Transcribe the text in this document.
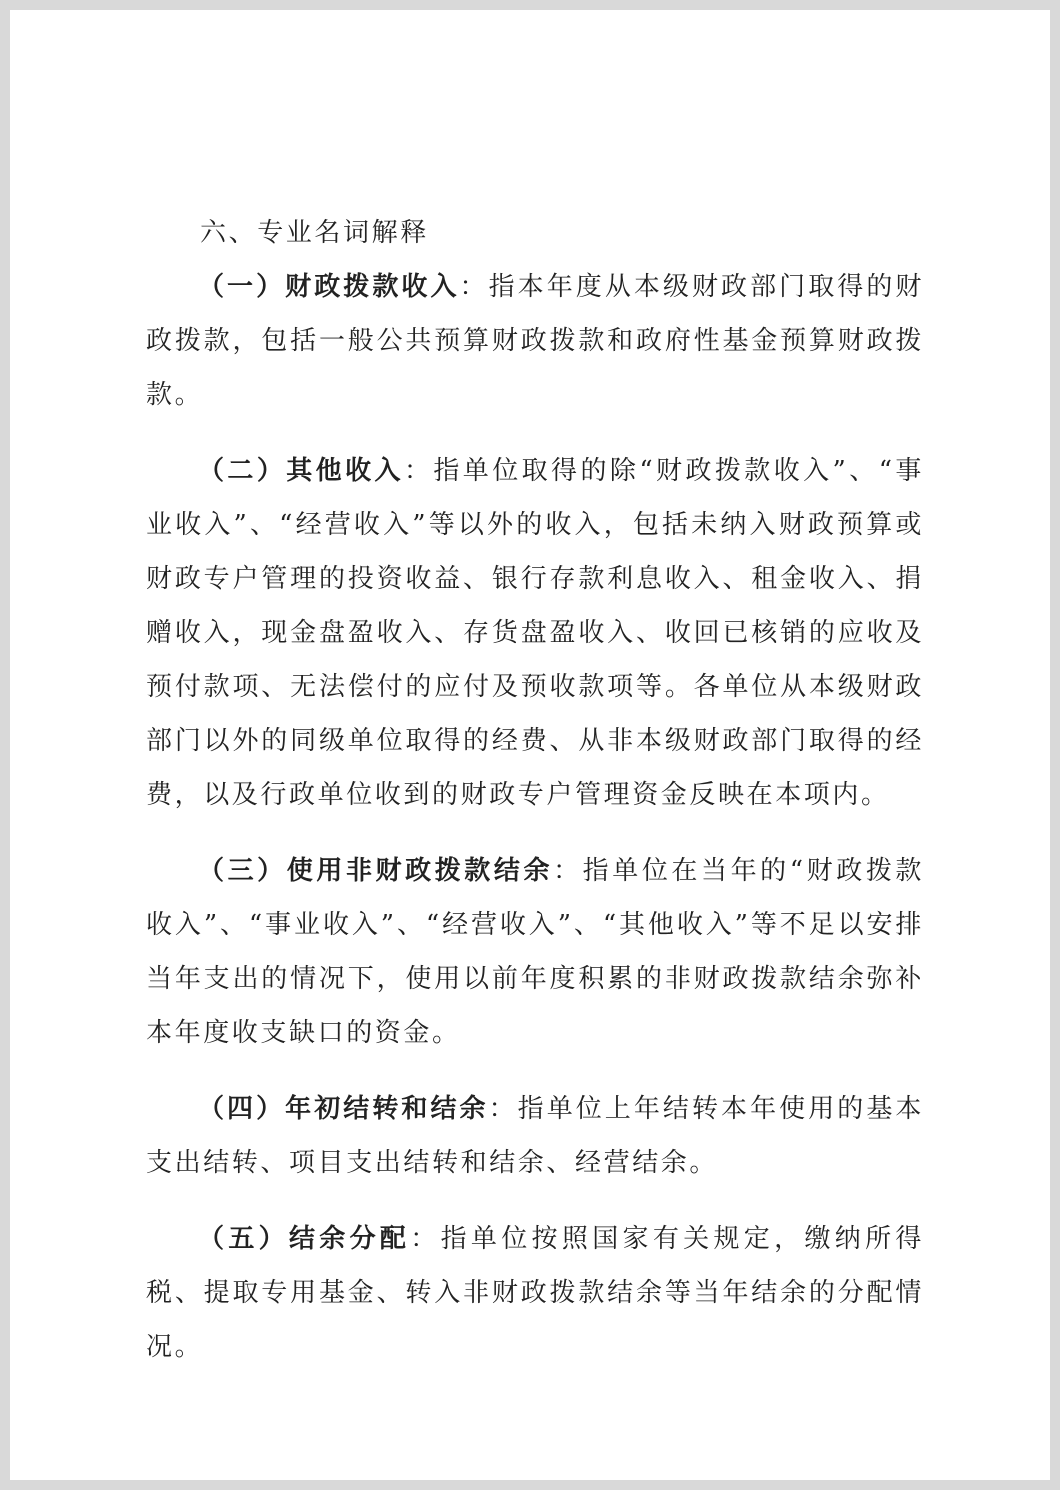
六、专业名词解释

（一）财政拨款收入：指本年度从本级财政部门取得的财政拨款，包括一般公共预算财政拨款和政府性基金预算财政拨款。

（二）其他收入：指单位取得的除“财政拨款收入”、“事业收入”、“经营收入”等以外的收入，包括未纳入财政预算或财政专户管理的投资收益、银行存款利息收入、租金收入、捐赠收入，现金盘盈收入、存货盘盈收入、收回已核销的应收及预付款项、无法偿付的应付及预收款项等。各单位从本级财政部门以外的同级单位取得的经费、从非本级财政部门取得的经费，以及行政单位收到的财政专户管理资金反映在本项内。

（三）使用非财政拨款结余：指单位在当年的“财政拨款收入”、“事业收入”、“经营收入”、“其他收入”等不足以安排当年支出的情况下，使用以前年度积累的非财政拨款结余弥补本年度收支缺口的资金。

（四）年初结转和结余：指单位上年结转本年使用的基本支出结转、项目支出结转和结余、经营结余。

（五）结余分配：指单位按照国家有关规定，缴纳所得税、提取专用基金、转入非财政拨款结余等当年结余的分配情况。
